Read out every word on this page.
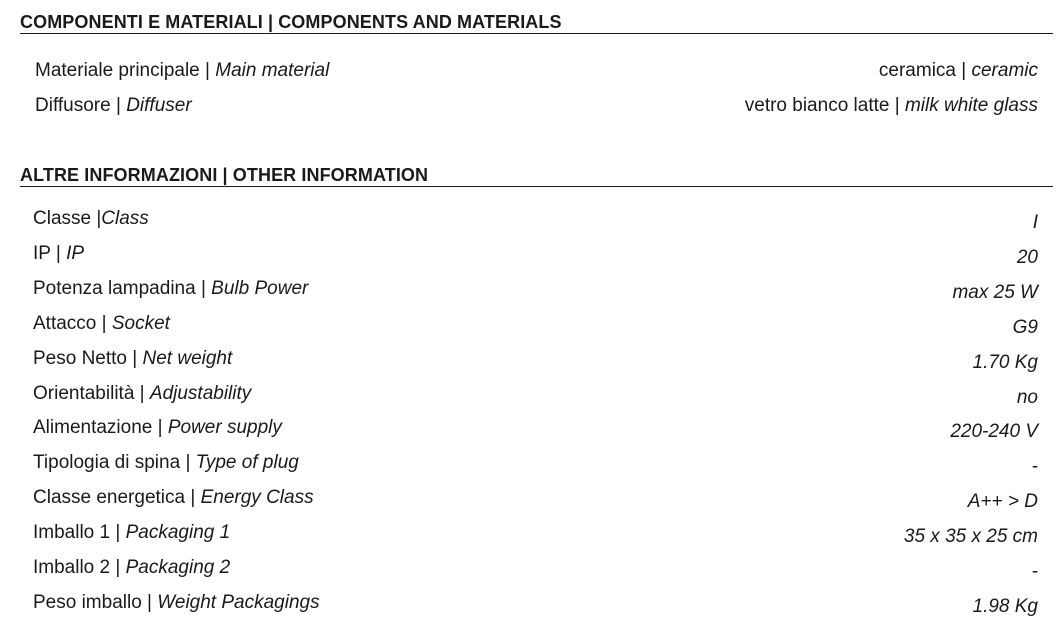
COMPONENTI E MATERIALI | COMPONENTS AND MATERIALS
Materiale principale | Main material	ceramica | ceramic
Diffusore | Diffuser	vetro bianco latte | milk white glass
ALTRE INFORMAZIONI | OTHER INFORMATION
Classe |Class	I
IP | IP	20
Potenza lampadina | Bulb Power	max 25 W
Attacco | Socket	G9
Peso Netto | Net weight	1.70 Kg
Orientabilità | Adjustability	no
Alimentazione | Power supply	220-240 V
Tipologia di spina | Type of plug	-
Classe energetica | Energy Class	A++ > D
Imballo 1 | Packaging 1	35 x 35 x 25 cm
Imballo 2 | Packaging 2	-
Peso imballo | Weight Packagings	1.98 Kg
